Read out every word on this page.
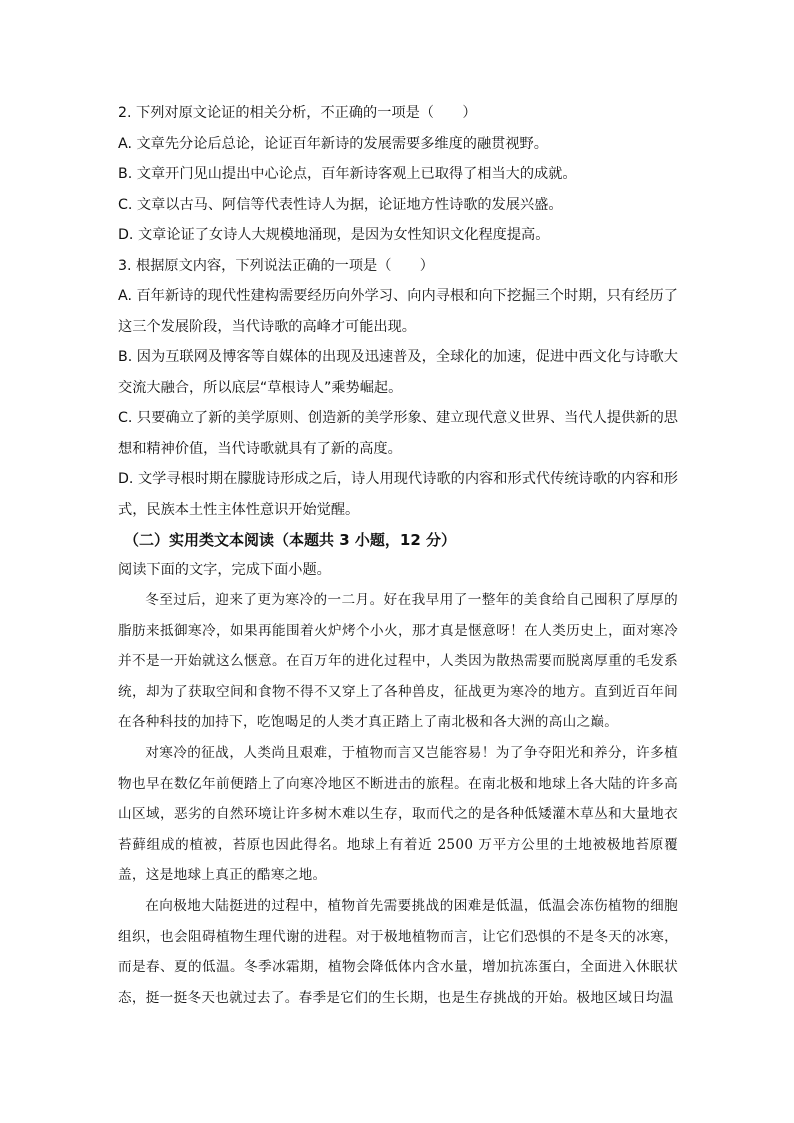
2. 下列对原文论证的相关分析，不正确的一项是（　　）

A. 文章先分论后总论，论证百年新诗的发展需要多维度的融贯视野。

B. 文章开门见山提出中心论点，百年新诗客观上已取得了相当大的成就。

C. 文章以古马、阿信等代表性诗人为据，论证地方性诗歌的发展兴盛。

D. 文章论证了女诗人大规模地涌现，是因为女性知识文化程度提高。

3. 根据原文内容，下列说法正确的一项是（　　）

A. 百年新诗的现代性建构需要经历向外学习、向内寻根和向下挖掘三个时期，只有经历了这三个发展阶段，当代诗歌的高峰才可能出现。

B. 因为互联网及博客等自媒体的出现及迅速普及，全球化的加速，促进中西文化与诗歌大交流大融合，所以底层“草根诗人”乘势崛起。

C. 只要确立了新的美学原则、创造新的美学形象、建立现代意义世界、当代人提供新的思想和精神价值，当代诗歌就具有了新的高度。

D. 文学寻根时期在朦胧诗形成之后，诗人用现代诗歌的内容和形式代传统诗歌的内容和形式，民族本土性主体性意识开始觉醒。

（二）实用类文本阅读（本题共 3 小题，12 分）

阅读下面的文字，完成下面小题。

冬至过后，迎来了更为寒冷的一二月。好在我早用了一整年的美食给自己囤积了厚厚的脂肪来抵御寒冷，如果再能围着火炉烤个小火，那才真是惬意呀！在人类历史上，面对寒冷并不是一开始就这么惬意。在百万年的进化过程中，人类因为散热需要而脱离厚重的毛发系统，却为了获取空间和食物不得不又穿上了各种兽皮，征战更为寒冷的地方。直到近百年间在各种科技的加持下，吃饱喝足的人类才真正踏上了南北极和各大洲的高山之巅。

对寒冷的征战，人类尚且艰难，于植物而言又岂能容易！为了争夺阳光和养分，许多植物也早在数亿年前便踏上了向寒冷地区不断进击的旅程。在南北极和地球上各大陆的许多高山区域，恶劣的自然环境让许多树木难以生存，取而代之的是各种低矮灌木草丛和大量地衣苔藓组成的植被，苔原也因此得名。地球上有着近 2500 万平方公里的土地被极地苔原覆盖，这是地球上真正的酷寒之地。

在向极地大陆挺进的过程中，植物首先需要挑战的困难是低温，低温会冻伤植物的细胞组织，也会阻碍植物生理代谢的进程。对于极地植物而言，让它们恐惧的不是冬天的冰寒，而是春、夏的低温。冬季冰霜期，植物会降低体内含水量，增加抗冻蛋白，全面进入休眠状态，挺一挺冬天也就过去了。春季是它们的生长期，也是生存挑战的开始。极地区域日均温
